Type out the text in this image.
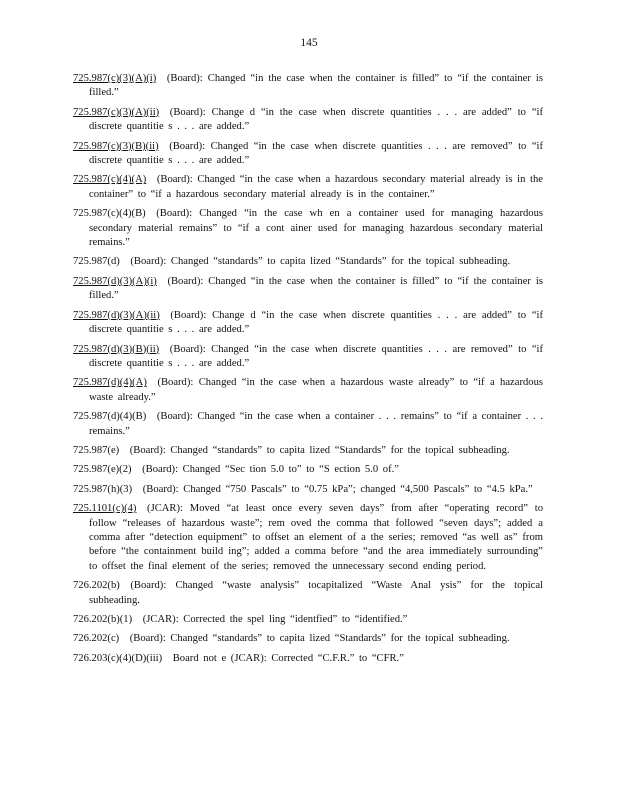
145
725.987(c)(3)(A)(i)  (Board): Changed “in the case when the container is filled” to “if the container is filled.”
725.987(c)(3)(A)(ii)  (Board): Change d “in the case when discrete quantities . . . are added” to “if discrete quantitie s . . . are added.”
725.987(c)(3)(B)(ii)  (Board): Changed “in the case when discrete quantities . . . are removed” to “if discrete quantitie s . . . are added.”
725.987(c)(4)(A)  (Board): Changed “in the case when a hazardous secondary material already is in the container” to “if a hazardous secondary material already is in the container.”
725.987(c)(4)(B)  (Board): Changed “in the case wh en a container used for managing hazardous secondary material remains” to “if a cont ainer used for managing hazardous secondary material remains.”
725.987(d)  (Board): Changed “standards” to capita lized “Standards” for the topical subheading.
725.987(d)(3)(A)(i)  (Board): Changed “in the case when the container is filled” to “if the container is filled.”
725.987(d)(3)(A)(ii)  (Board): Change d “in the case when discrete quantities . . . are added” to “if discrete quantitie s . . . are added.”
725.987(d)(3)(B)(ii)  (Board): Changed “in the case when discrete quantities . . . are removed” to “if discrete quantitie s . . . are added.”
725.987(d)(4)(A)  (Board): Changed “in the case when a hazardous waste already” to “if a hazardous waste already.”
725.987(d)(4)(B)  (Board): Changed “in the case when a container . . . remains” to “if a container . . . remains.”
725.987(e)  (Board): Changed “standards” to capita lized “Standards” for the topical subheading.
725.987(e)(2)  (Board): Changed “Sec tion 5.0 to” to “S ection 5.0 of.”
725.987(h)(3)  (Board): Changed “750 Pascals” to “0.75 kPa”; changed “4,500 Pascals” to “4.5 kPa.”
725.1101(c)(4)  (JCAR): Moved “at least once every seven days” from after “operating record” to follow “releases of hazardous waste”; rem oved the comma that followed “seven days”; added a comma after “detection equipment” to offset an element of a the series; removed “as well as” from before “the containment build ing”; added a comma before “and the area immediately surrounding” to offset the final element of the series; removed the unnecessary second ending period.
726.202(b)  (Board): Changed “waste analysis” tocapitalized “Waste Anal ysis” for the topical subheading.
726.202(b)(1)  (JCAR): Corrected the spel ling “identfied” to “identified.”
726.202(c)  (Board): Changed “standards” to capita lized “Standards” for the topical subheading.
726.203(c)(4)(D)(iii)  Board not e (JCAR): Corrected “C.F.R.” to “CFR.”
